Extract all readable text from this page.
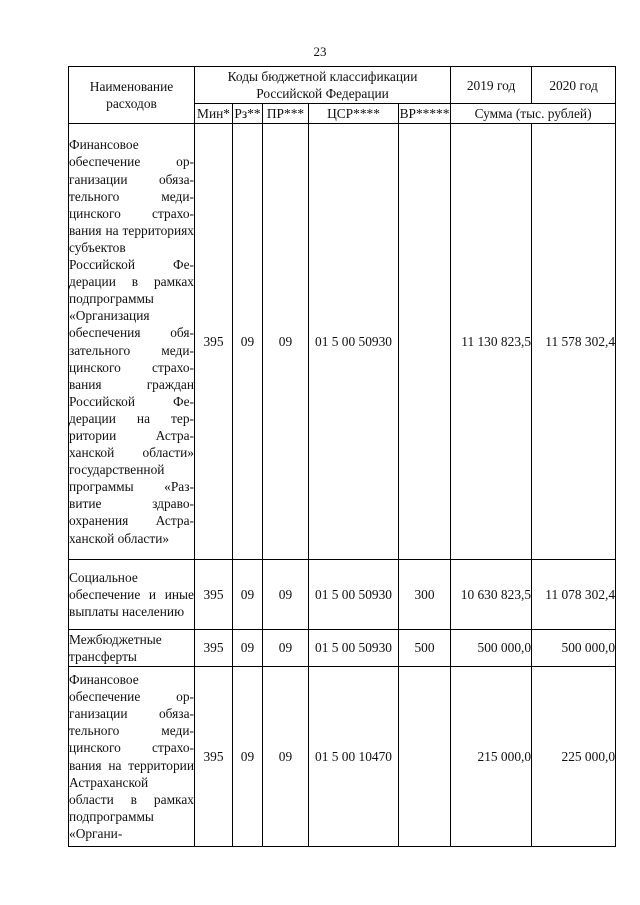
23
Наименование расходов	Коды бюджетной классификации Российской Федерации					2019 год	2020 год
	Мин*	Рз**	ПР***	ЦСР****	ВР*****	Сумма (тыс. рублей)	
Финансовое обеспечение организации обязательного медицинского страхования на территориях субъектов Российской Федерации в рамках подпрограммы «Организация обеспечения обязательного медицинского страхования граждан Российской Федерации на территории Астраханской области» государственной программы «Развитие здравоохранения Астраханской области»	395	09	09	01 5 00 50930		11 130 823,5	11 578 302,4
Социальное обеспечение и иные выплаты населению	395	09	09	01 5 00 50930	300	10 630 823,5	11 078 302,4
Межбюджетные трансферты	395	09	09	01 5 00 50930	500	500 000,0	500 000,0
Финансовое обеспечение организации обязательного медицинского страхования на территории Астраханской области в рамках подпрограммы «Органи-	395	09	09	01 5 00 10470		215 000,0	225 000,0
